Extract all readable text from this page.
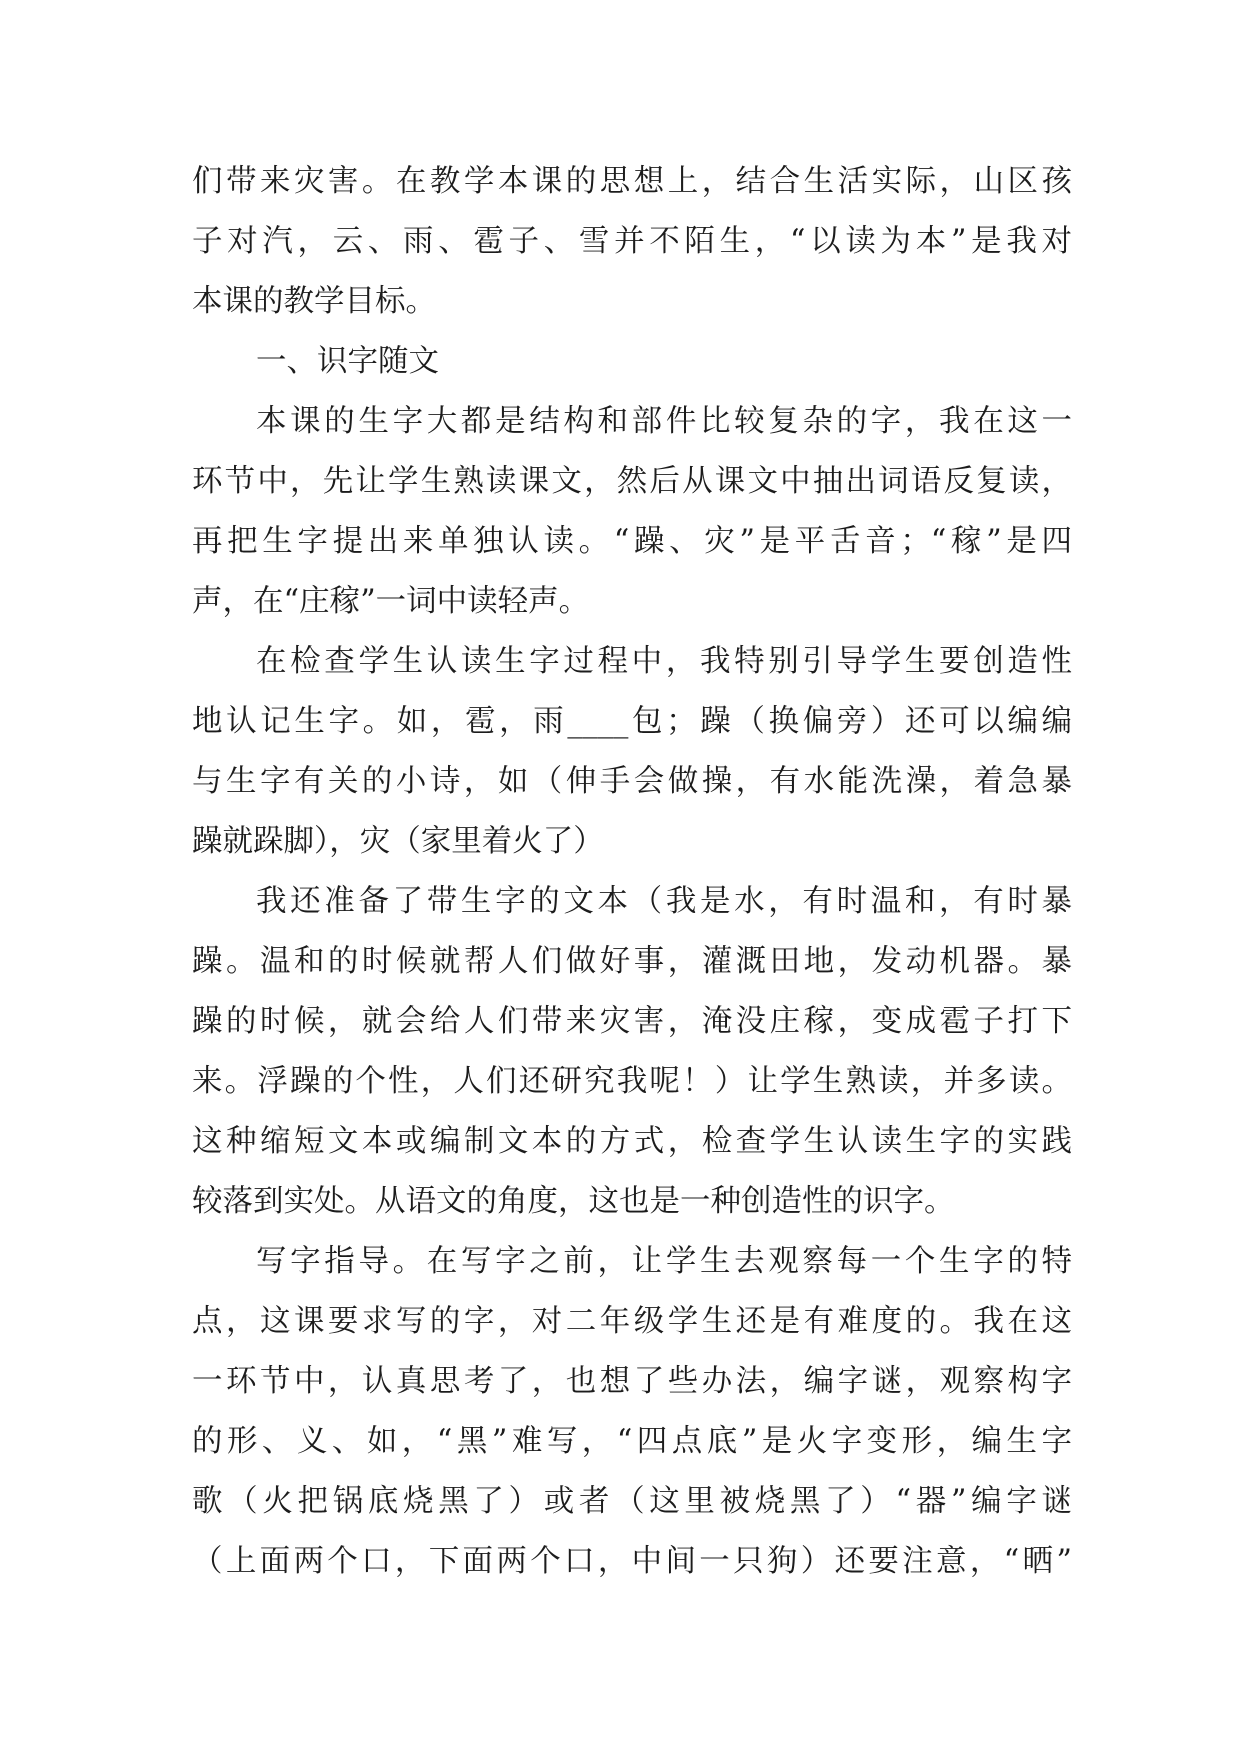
们带来灾害。在教学本课的思想上，结合生活实际，山区孩
子对汽，云、雨、雹子、雪并不陌生，“以读为本”是我对
本课的教学目标。
一、识字随文
本课的生字大都是结构和部件比较复杂的字，我在这一
环节中，先让学生熟读课文，然后从课文中抽出词语反复读，
再把生字提出来单独认读。“躁、灾”是平舌音；“稼”是四
声，在“庄稼”一词中读轻声。
在检查学生认读生字过程中，我特别引导学生要创造性
地认记生字。如，雹，雨____包；躁（换偏旁）还可以编编
与生字有关的小诗，如（伸手会做操，有水能洗澡，着急暴
躁就跺脚），灾（家里着火了）
我还准备了带生字的文本（我是水，有时温和，有时暴
躁。温和的时候就帮人们做好事，灌溉田地，发动机器。暴
躁的时候，就会给人们带来灾害，淹没庄稼，变成雹子打下
来。浮躁的个性，人们还研究我呢！）让学生熟读，并多读。
这种缩短文本或编制文本的方式，检查学生认读生字的实践
较落到实处。从语文的角度，这也是一种创造性的识字。
写字指导。在写字之前，让学生去观察每一个生字的特
点，这课要求写的字，对二年级学生还是有难度的。我在这
一环节中，认真思考了，也想了些办法，编字谜，观察构字
的形、义、如，“黑”难写，“四点底”是火字变形，编生字
歌（火把锅底烧黑了）或者（这里被烧黑了）“器”编字谜
（上面两个口，下面两个口，中间一只狗）还要注意，“晒”
